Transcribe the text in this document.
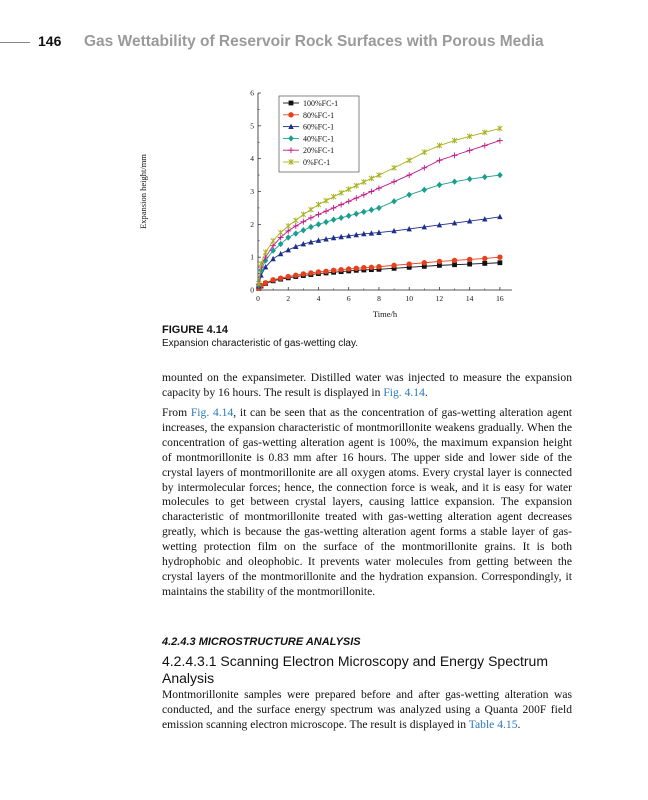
146 Gas Wettability of Reservoir Rock Surfaces with Porous Media
0	2	4	6	8	10	12	14	16
0
1
2
3
4
5
6
Time/h
Expansion height/mm
100%FC-1
80%FC-1
60%FC-1
40%FC-1
20%FC-1
0%FC-1
FIGURE 4.14
Expansion characteristic of gas-wetting clay.

mounted on the expansimeter. Distilled water was injected to measure the expansion capacity by 16 hours. The result is displayed in Fig. 4.14.

From Fig. 4.14, it can be seen that as the concentration of gas-wetting alteration agent increases, the expansion characteristic of montmorillonite weakens gradually. When the concentration of gas-wetting alteration agent is 100%, the maximum expansion height of montmorillonite is 0.83 mm after 16 hours. The upper side and lower side of the crystal layers of montmorillonite are all oxygen atoms. Every crystal layer is connected by intermolecular forces; hence, the connection force is weak, and it is easy for water molecules to get between crystal layers, causing lattice expansion. The expansion characteristic of montmorillonite treated with gas-wetting alteration agent decreases greatly, which is because the gas-wetting alteration agent forms a stable layer of gas-wetting protection film on the surface of the montmorillonite grains. It is both hydrophobic and oleophobic. It prevents water molecules from getting between the crystal layers of the montmorillonite and the hydration expansion. Correspondingly, it maintains the stability of the montmorillonite.

4.2.4.3 MICROSTRUCTURE ANALYSIS
4.2.4.3.1 Scanning Electron Microscopy and Energy Spectrum Analysis

Montmorillonite samples were prepared before and after gas-wetting alteration was conducted, and the surface energy spectrum was analyzed using a Quanta 200F field emission scanning electron microscope. The result is displayed in Table 4.15.
